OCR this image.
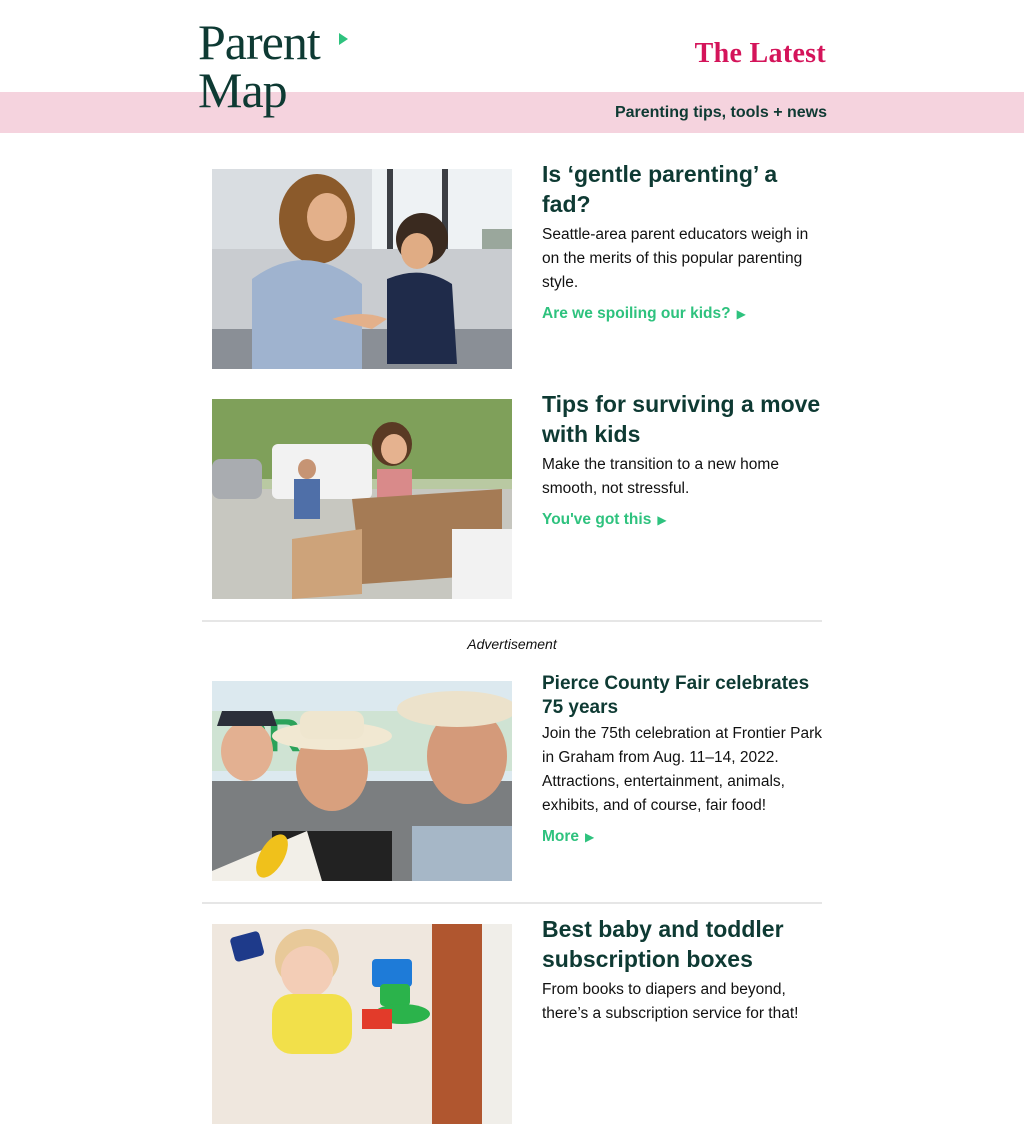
Parent
Map
The Latest
Parenting tips, tools + news
Is ‘gentle parenting’ a fad?

Seattle-area parent educators weigh in on the merits of this popular parenting style.

Are we spoiling our kids? ▶
Tips for surviving a move with kids

Make the transition to a new home smooth, not stressful.

You've got this ▶
Advertisement
Pierce County Fair celebrates 75 years

Join the 75th celebration at Frontier Park in Graham from Aug. 11–14, 2022. Attractions, entertainment, animals, exhibits, and of course, fair food!

More ▶
Best baby and toddler subscription boxes

From books to diapers and beyond, there’s a subscription service for that!
